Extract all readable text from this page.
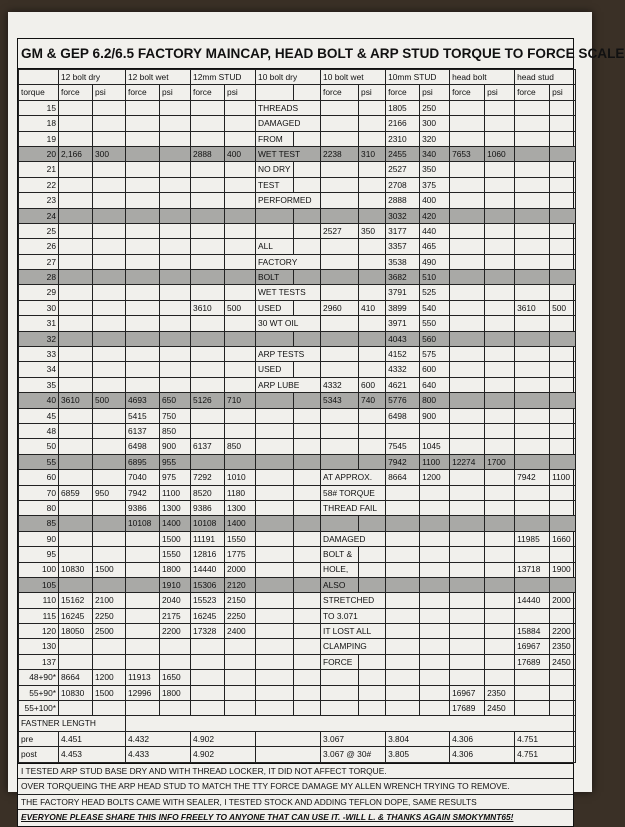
GM & GEP 6.2/6.5 FACTORY MAINCAP, HEAD BOLT & ARP STUD TORQUE TO FORCE SCALE
	12 bolt dry		12 bolt wet		12mm STUD		10 bolt dry		10 bolt wet		10mm STUD		head bolt		head stud	
torque	force	psi	force	psi	force	psi			force	psi	force	psi	force	psi	force	psi
15							THREADS				1805	250				
18							DAMAGED				2166	300				
19							FROM				2310	320				
20	2,166	300			2888	400	WET TEST		2238	310	2455	340	7653	1060		
21							NO DRY				2527	350				
22							TEST				2708	375				
23							PERFORMED				2888	400				
24											3032	420				
25									2527	350	3177	440				
26							ALL				3357	465				
27							FACTORY				3538	490				
28							BOLT				3682	510				
29							WET TESTS				3791	525				
30					3610	500	USED		2960	410	3899	540			3610	500
31							30 WT OIL				3971	550				
32											4043	560				
33							ARP TESTS				4152	575				
34							USED				4332	600				
35							ARP LUBE		4332	600	4621	640				
40	3610	500	4693	650	5126	710			5343	740	5776	800				
45			5415	750							6498	900				
48			6137	850												
50			6498	900	6137	850					7545	1045				
55			6895	955							7942	1100	12274	1700		
60			7040	975	7292	1010			AT APPROX.		8664	1200			7942	1100
70	6859	950	7942	1100	8520	1180			58# TORQUE							
80			9386	1300	9386	1300			THREAD FAIL							
85			10108	1400	10108	1400										
90				1500	11191	1550			DAMAGED						11985	1660
95				1550	12816	1775			BOLT &							
100	10830	1500		1800	14440	2000			HOLE,						13718	1900
105				1910	15306	2120			ALSO							
110	15162	2100		2040	15523	2150			STRETCHED						14440	2000
115	16245	2250		2175	16245	2250			TO 3.071							
120	18050	2500		2200	17328	2400			IT LOST ALL						15884	2200
130									CLAMPING						16967	2350
137									FORCE						17689	2450
48+90*	8664	1200	11913	1650												
55+90*	10830	1500	12996	1800									16967	2350		
55+100*													17689	2450		
FASTNER LENGTH																
pre	4.451		4.432		4.902				3.067		3.804		4.306		4.751	
post	4.453		4.433		4.902				3.067 @ 30#		3.805		4.306		4.751	
I TESTED ARP STUD BASE DRY AND WITH THREAD LOCKER, IT DID NOT AFFECT TORQUE.
OVER TORQUEING THE ARP HEAD STUD TO MATCH THE TTY FORCE DAMAGE MY ALLEN WRENCH TRYING TO REMOVE.
THE FACTORY HEAD BOLTS CAME WITH SEALER, I TESTED STOCK AND ADDING TEFLON DOPE, SAME RESULTS
EVERYONE PLEASE SHARE THIS INFO FREELY TO ANYONE THAT CAN USE IT. -WILL L. & THANKS AGAIN SMOKYMNT65!
